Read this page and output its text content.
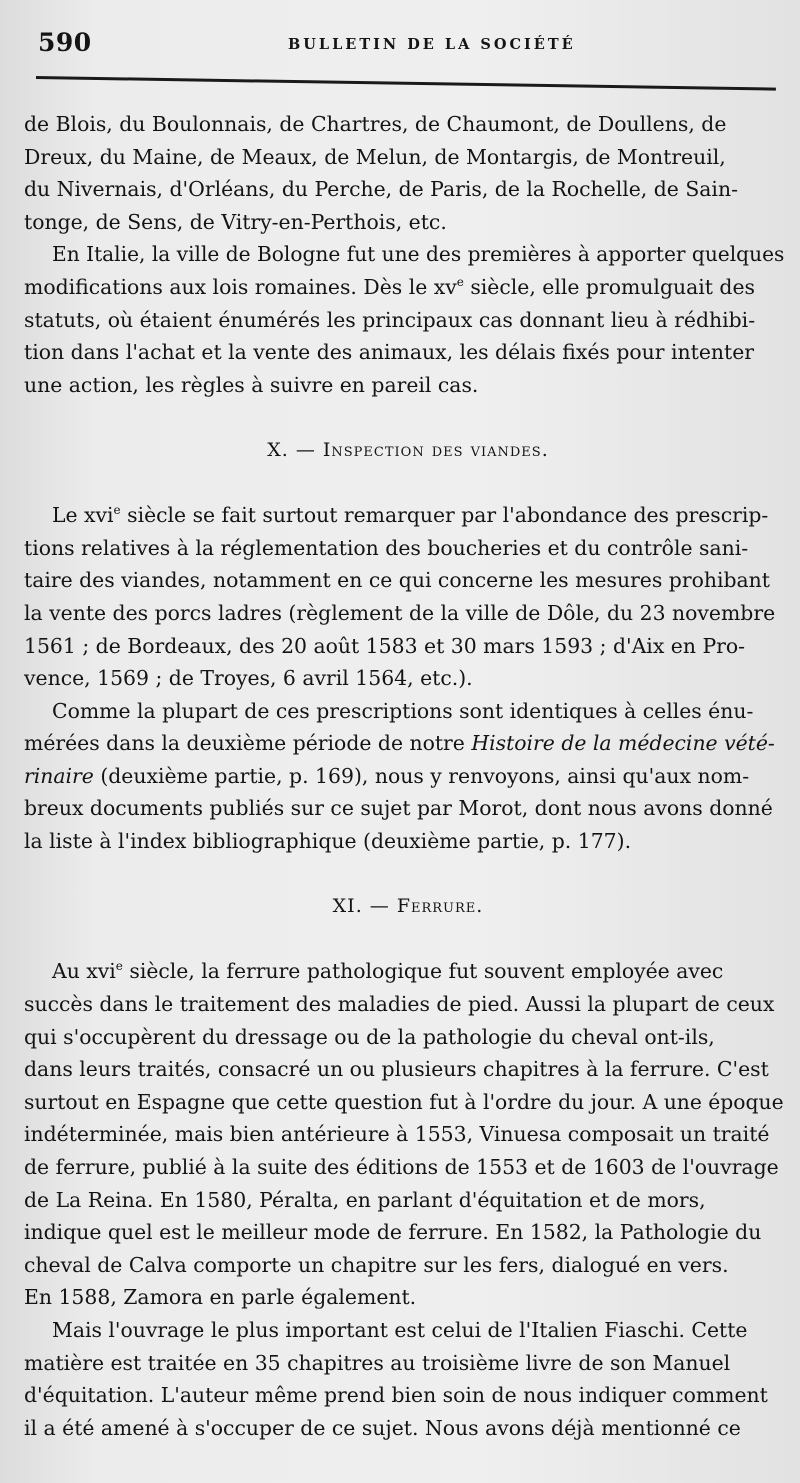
590	BULLETIN DE LA SOCIÉTÉ
de Blois, du Boulonnais, de Chartres, de Chaumont, de Doullens, de
Dreux, du Maine, de Meaux, de Melun, de Montargis, de Montreuil,
du Nivernais, d'Orléans, du Perche, de Paris, de la Rochelle, de Sain-
tonge, de Sens, de Vitry-en-Perthois, etc.
En Italie, la ville de Bologne fut une des premières à apporter quelques
modifications aux lois romaines. Dès le $xv^e$ siècle, elle promulguait des
statuts, où étaient énumérés les principaux cas donnant lieu à rédhibi-
tion dans l'achat et la vente des animaux, les délais fixés pour intenter
une action, les règles à suivre en pareil cas.
X. — Inspection des viandes.
Le xvi$^e$ siècle se fait surtout remarquer par l'abondance des prescrip-
tions relatives à la réglementation des boucheries et du contrôle sani-
taire des viandes, notamment en ce qui concerne les mesures prohibant
la vente des porcs ladres (règlement de la ville de Dôle, du 23 novembre
1561 ; de Bordeaux, des 20 août 1583 et 30 mars 1593 ; d'Aix en Pro-
vence, 1569 ; de Troyes, 6 avril 1564, etc.).
Comme la plupart de ces prescriptions sont identiques à celles énu-
mérées dans la deuxième période de notre Histoire de la médecine vété-
rinaire (deuxième partie, p. 169), nous y renvoyons, ainsi qu'aux nom-
breux documents publiés sur ce sujet par Morot, dont nous avons donné
la liste à l'index bibliographique (deuxième partie, p. 177).
XI. — Ferrure.
Au xvi$^e$ siècle, la ferrure pathologique fut souvent employée avec
succès dans le traitement des maladies de pied. Aussi la plupart de ceux
qui s'occupèrent du dressage ou de la pathologie du cheval ont-ils,
dans leurs traités, consacré un ou plusieurs chapitres à la ferrure. C'est
surtout en Espagne que cette question fut à l'ordre du jour. A une époque
indéterminée, mais bien antérieure à 1553, Vinuesa composait un traité
de ferrure, publié à la suite des éditions de 1553 et de 1603 de l'ouvrage
de La Reina. En 1580, Péralta, en parlant d'équitation et de mors,
indique quel est le meilleur mode de ferrure. En 1582, la Pathologie du
cheval de Calva comporte un chapitre sur les fers, dialogué en vers.
En 1588, Zamora en parle également.
Mais l'ouvrage le plus important est celui de l'Italien Fiaschi. Cette
matière est traitée en 35 chapitres au troisième livre de son Manuel
d'équitation. L'auteur même prend bien soin de nous indiquer comment
il a été amené à s'occuper de ce sujet. Nous avons déjà mentionné ce
